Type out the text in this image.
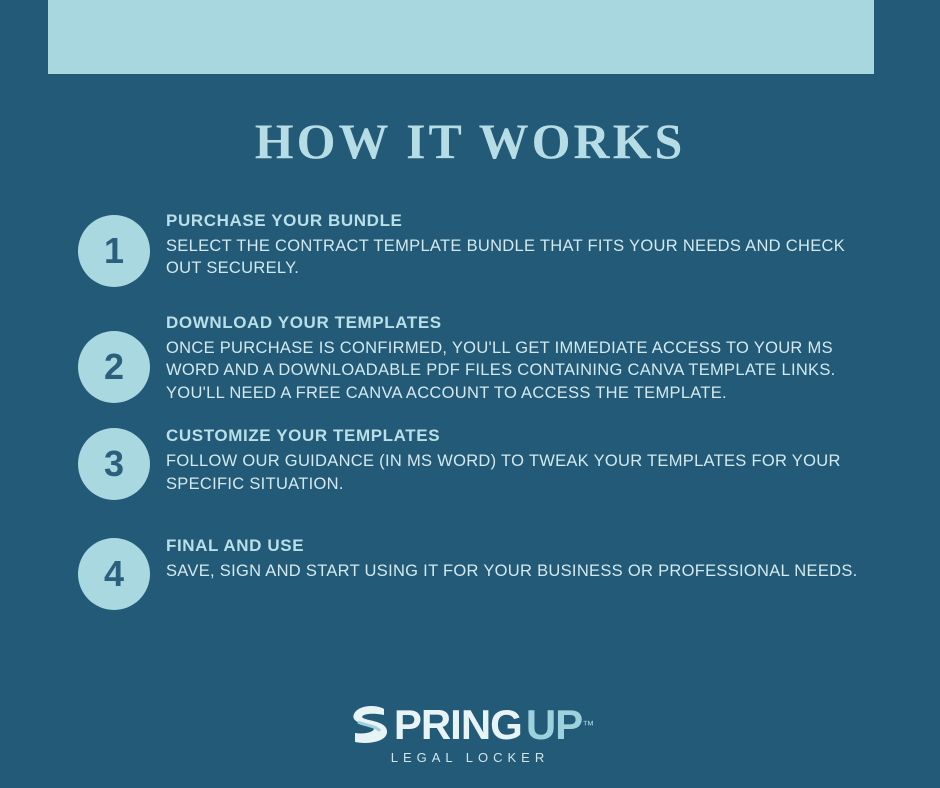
HOW IT WORKS
1
PURCHASE YOUR BUNDLE
SELECT THE CONTRACT TEMPLATE BUNDLE THAT FITS YOUR NEEDS AND CHECK OUT SECURELY.
2
DOWNLOAD YOUR TEMPLATES
ONCE PURCHASE IS CONFIRMED, YOU'LL GET IMMEDIATE ACCESS TO YOUR MS WORD AND A DOWNLOADABLE PDF FILES CONTAINING CANVA TEMPLATE LINKS. YOU'LL NEED A FREE CANVA ACCOUNT TO ACCESS THE TEMPLATE.
3
CUSTOMIZE YOUR TEMPLATES
FOLLOW OUR GUIDANCE (IN MS WORD) TO TWEAK YOUR TEMPLATES FOR YOUR SPECIFIC SITUATION.
4
FINAL AND USE
SAVE, SIGN AND START USING IT FOR YOUR BUSINESS OR PROFESSIONAL NEEDS.
PRING UP ™
LEGAL LOCKER
